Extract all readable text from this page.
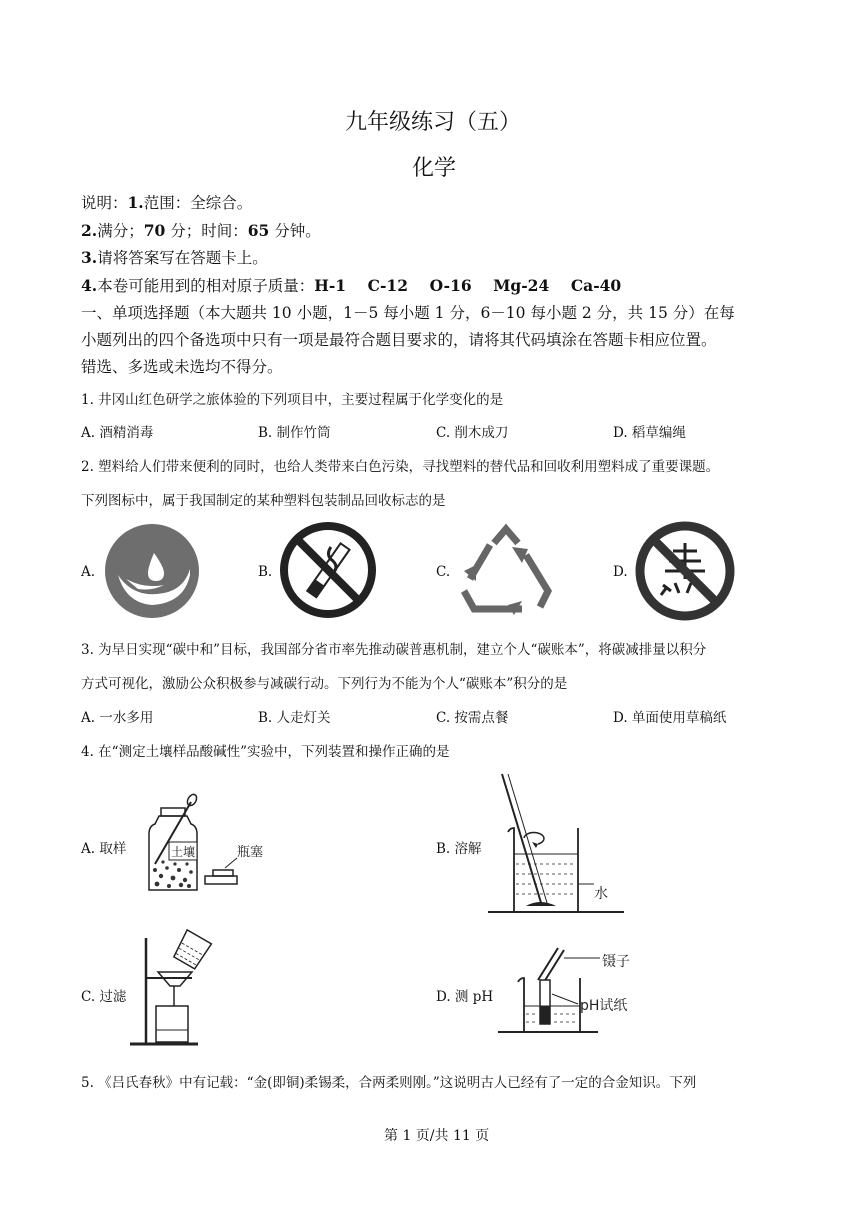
九年级练习（五）
化学
说明：1.范围：全综合。
2.满分；70 分；时间：65 分钟。
3.请将答案写在答题卡上。
4.本卷可能用到的相对原子质量：H-1    C-12    O-16    Mg-24    Ca-40
一、单项选择题（本大题共 10 小题，1－5 每小题 1 分，6－10 每小题 2 分，共 15 分）在每
小题列出的四个备选项中只有一项是最符合题目要求的，请将其代码填涂在答题卡相应位置。
错选、多选或未选均不得分。
1. 井冈山红色研学之旅体验的下列项目中，主要过程属于化学变化的是
A. 酒精消毒	B. 制作竹筒	C. 削木成刀	D. 稻草编绳
2. 塑料给人们带来便利的同时，也给人类带来白色污染，寻找塑料的替代品和回收利用塑料成了重要课题。
下列图标中，属于我国制定的某种塑料包装制品回收标志的是
A.	B.	C.	D.
3. 为早日实现“碳中和”目标，我国部分省市率先推动碳普惠机制，建立个人“碳账本”，将碳减排量以积分
方式可视化，激励公众积极参与减碳行动。下列行为不能为个人“碳账本”积分的是
A. 一水多用	B. 人走灯关	C. 按需点餐	D. 单面使用草稿纸
4. 在“测定土壤样品酸碱性”实验中，下列装置和操作正确的是
A. 取样	土壤	瓶塞	B. 溶解
水
C. 过滤	D. 测 pH
镊子
pH试纸
5. 《吕氏春秋》中有记载：“金(即铜)柔锡柔，合两柔则刚。”这说明古人已经有了一定的合金知识。下列
第 1 页/共 11 页
